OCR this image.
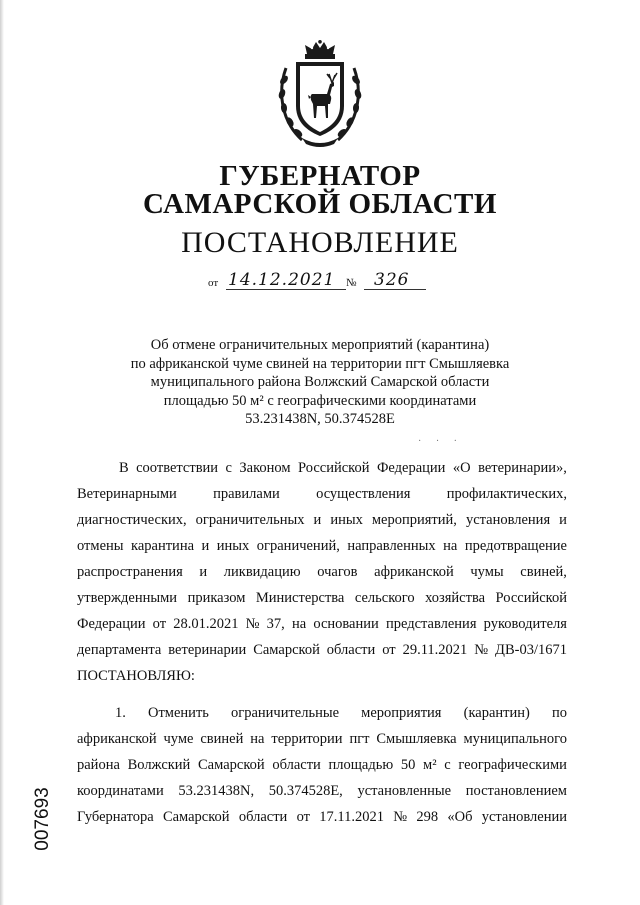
ГУБЕРНАТОР
САМАРСКОЙ ОБЛАСТИ
ПОСТАНОВЛЕНИЕ
от 14.12.2021 № 326
Об отмене ограничительных мероприятий (карантина)
по африканской чуме свиней на территории пгт Смышляевка
муниципального района Волжский Самарской области
площадью 50 м² с географическими координатами
53.231438N, 50.374528E
· · ·
В соответствии с Законом Российской Федерации «О ветеринарии»,
Ветеринарными	правилами	осуществления	профилактических,
диагностических, ограничительных и иных мероприятий, установления и
отмены карантина и иных ограничений, направленных на предотвращение
распространения и ликвидацию очагов африканской чумы свиней,
утвержденными приказом Министерства сельского хозяйства Российской
Федерации от 28.01.2021 № 37, на основании представления руководителя
департамента ветеринарии Самарской области от 29.11.2021 № ДВ-03/1671
ПОСТАНОВЛЯЮ:
1. Отменить ограничительные мероприятия (карантин) по
африканской чуме свиней на территории пгт Смышляевка муниципального
района Волжский Самарской области площадью 50 м² с географическими
координатами 53.231438N, 50.374528E, установленные постановлением
Губернатора Самарской области от 17.11.2021 № 298 «Об установлении
007693
